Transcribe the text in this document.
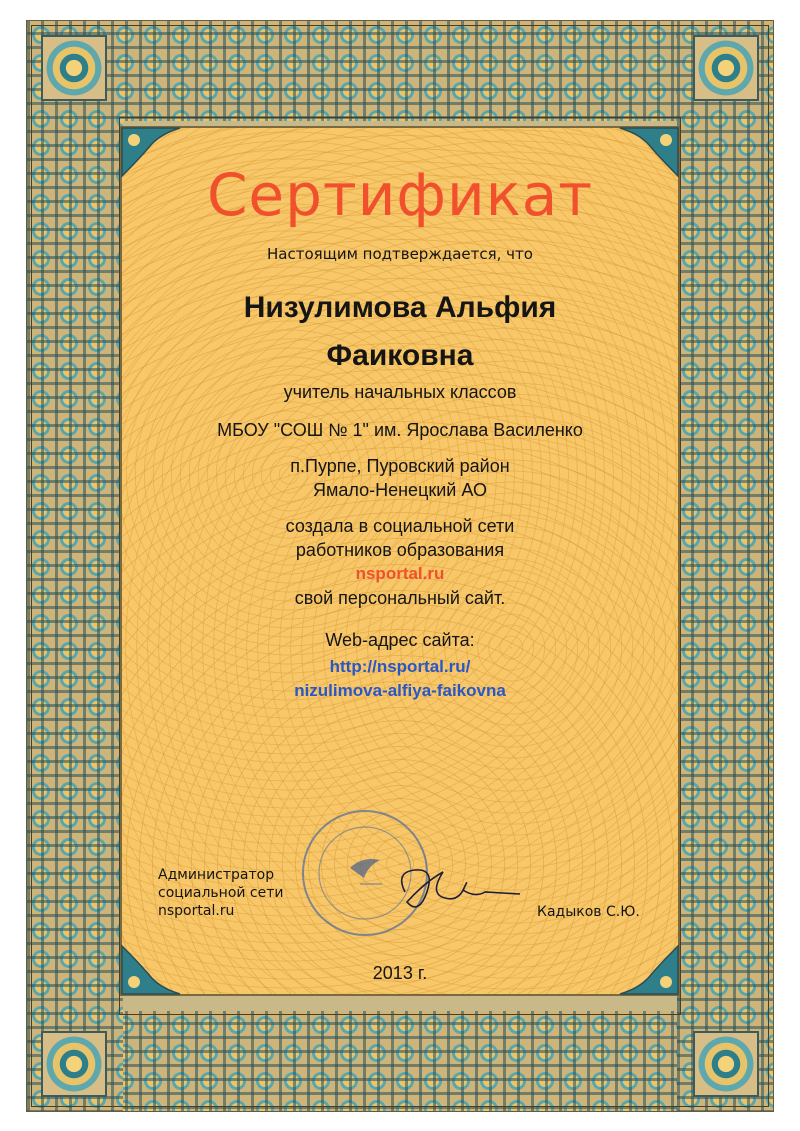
Сертификат
Настоящим подтверждается, что
Низулимова Альфия
Фаиковна
учитель начальных классов
МБОУ "СОШ № 1" им. Ярослава Василенко
п.Пурпе, Пуровский район
Ямало-Ненецкий АО
создала в социальной сети
работников образования
nsportal.ru
свой персональный сайт.
Web-адрес сайта:
http://nsportal.ru/
nizulimova-alfiya-faikovna
Администратор
социальной сети
nsportal.ru	Кадыков С.Ю.
2013 г.
